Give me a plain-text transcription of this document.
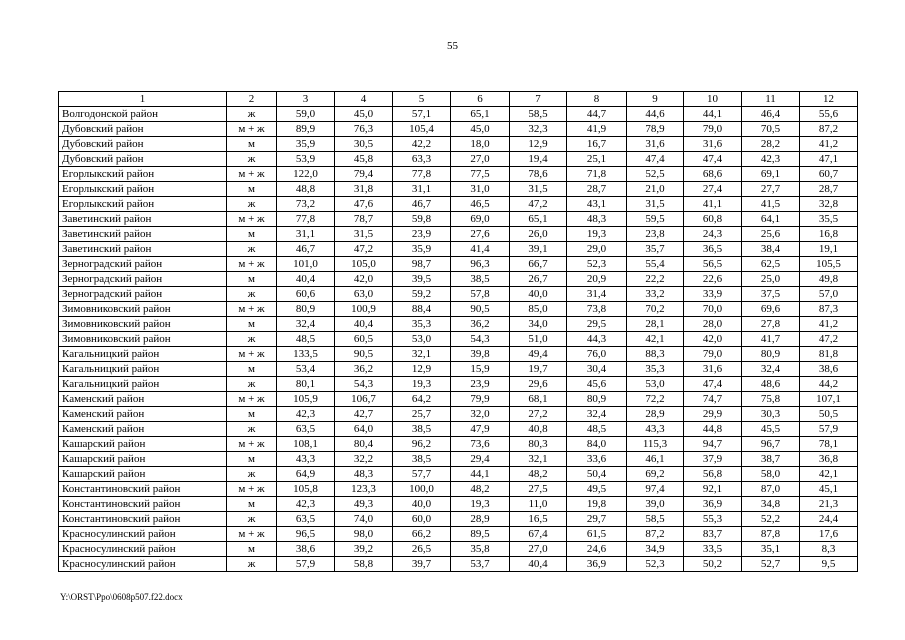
55
1	2	3	4	5	6	7	8	9	10	11	12
Волгодонской район	ж	59,0	45,0	57,1	65,1	58,5	44,7	44,6	44,1	46,4	55,6
Дубовский район	м + ж	89,9	76,3	105,4	45,0	32,3	41,9	78,9	79,0	70,5	87,2
Дубовский район	м	35,9	30,5	42,2	18,0	12,9	16,7	31,6	31,6	28,2	41,2
Дубовский район	ж	53,9	45,8	63,3	27,0	19,4	25,1	47,4	47,4	42,3	47,1
Егорлыкский район	м + ж	122,0	79,4	77,8	77,5	78,6	71,8	52,5	68,6	69,1	60,7
Егорлыкский район	м	48,8	31,8	31,1	31,0	31,5	28,7	21,0	27,4	27,7	28,7
Егорлыкский район	ж	73,2	47,6	46,7	46,5	47,2	43,1	31,5	41,1	41,5	32,8
Заветинский район	м + ж	77,8	78,7	59,8	69,0	65,1	48,3	59,5	60,8	64,1	35,5
Заветинский район	м	31,1	31,5	23,9	27,6	26,0	19,3	23,8	24,3	25,6	16,8
Заветинский район	ж	46,7	47,2	35,9	41,4	39,1	29,0	35,7	36,5	38,4	19,1
Зерноградский район	м + ж	101,0	105,0	98,7	96,3	66,7	52,3	55,4	56,5	62,5	105,5
Зерноградский район	м	40,4	42,0	39,5	38,5	26,7	20,9	22,2	22,6	25,0	49,8
Зерноградский район	ж	60,6	63,0	59,2	57,8	40,0	31,4	33,2	33,9	37,5	57,0
Зимовниковский район	м + ж	80,9	100,9	88,4	90,5	85,0	73,8	70,2	70,0	69,6	87,3
Зимовниковский район	м	32,4	40,4	35,3	36,2	34,0	29,5	28,1	28,0	27,8	41,2
Зимовниковский район	ж	48,5	60,5	53,0	54,3	51,0	44,3	42,1	42,0	41,7	47,2
Кагальницкий район	м + ж	133,5	90,5	32,1	39,8	49,4	76,0	88,3	79,0	80,9	81,8
Кагальницкий район	м	53,4	36,2	12,9	15,9	19,7	30,4	35,3	31,6	32,4	38,6
Кагальницкий район	ж	80,1	54,3	19,3	23,9	29,6	45,6	53,0	47,4	48,6	44,2
Каменский район	м + ж	105,9	106,7	64,2	79,9	68,1	80,9	72,2	74,7	75,8	107,1
Каменский район	м	42,3	42,7	25,7	32,0	27,2	32,4	28,9	29,9	30,3	50,5
Каменский район	ж	63,5	64,0	38,5	47,9	40,8	48,5	43,3	44,8	45,5	57,9
Кашарский район	м + ж	108,1	80,4	96,2	73,6	80,3	84,0	115,3	94,7	96,7	78,1
Кашарский район	м	43,3	32,2	38,5	29,4	32,1	33,6	46,1	37,9	38,7	36,8
Кашарский район	ж	64,9	48,3	57,7	44,1	48,2	50,4	69,2	56,8	58,0	42,1
Константиновский район	м + ж	105,8	123,3	100,0	48,2	27,5	49,5	97,4	92,1	87,0	45,1
Константиновский район	м	42,3	49,3	40,0	19,3	11,0	19,8	39,0	36,9	34,8	21,3
Константиновский район	ж	63,5	74,0	60,0	28,9	16,5	29,7	58,5	55,3	52,2	24,4
Красносулинский район	м + ж	96,5	98,0	66,2	89,5	67,4	61,5	87,2	83,7	87,8	17,6
Красносулинский район	м	38,6	39,2	26,5	35,8	27,0	24,6	34,9	33,5	35,1	8,3
Красносулинский район	ж	57,9	58,8	39,7	53,7	40,4	36,9	52,3	50,2	52,7	9,5
Y:\ORST\Ppo\0608p507.f22.docx
